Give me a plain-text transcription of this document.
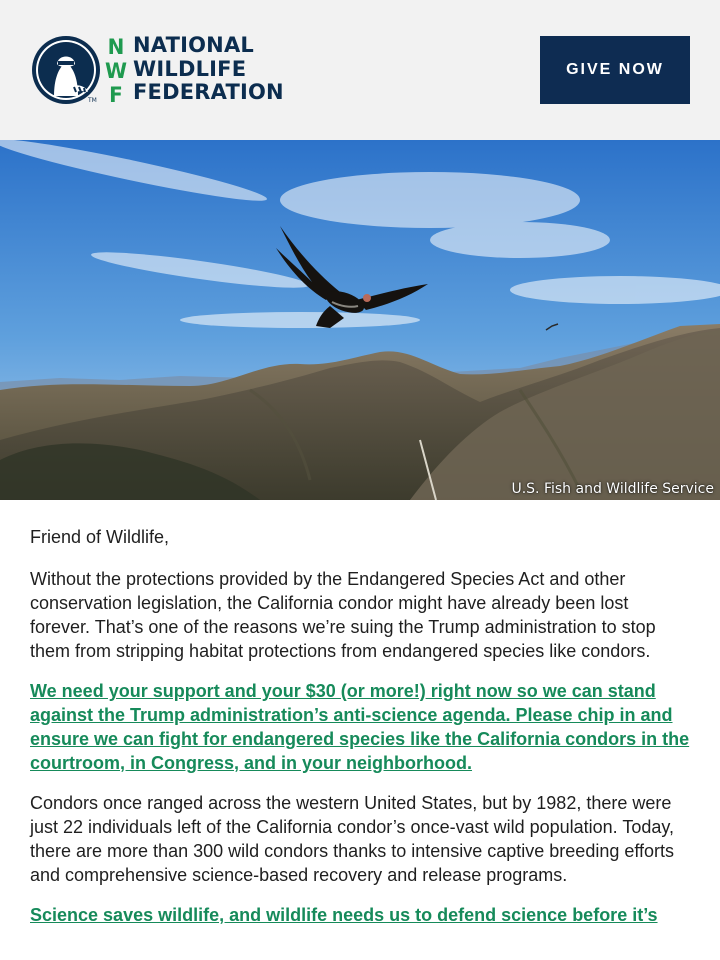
TM
N
W
F
NATIONAL
WILDLIFE
FEDERATION
GIVE NOW
U.S. Fish and Wildlife Service

Friend of Wildlife,

Without the protections provided by the Endangered Species Act and other conservation legislation, the California condor might have already been lost forever. That’s one of the reasons we’re suing the Trump administration to stop them from stripping habitat protections from endangered species like condors.

We need your support and your $30 (or more!) right now so we can stand against the Trump administration’s anti-science agenda. Please chip in and ensure we can fight for endangered species like the California condors in the courtroom, in Congress, and in your neighborhood.

Condors once ranged across the western United States, but by 1982, there were just 22 individuals left of the California condor’s once-vast wild population. Today, there are more than 300 wild condors thanks to intensive captive breeding efforts and comprehensive science-based recovery and release programs.

Science saves wildlife, and wildlife needs us to defend science before it’s
